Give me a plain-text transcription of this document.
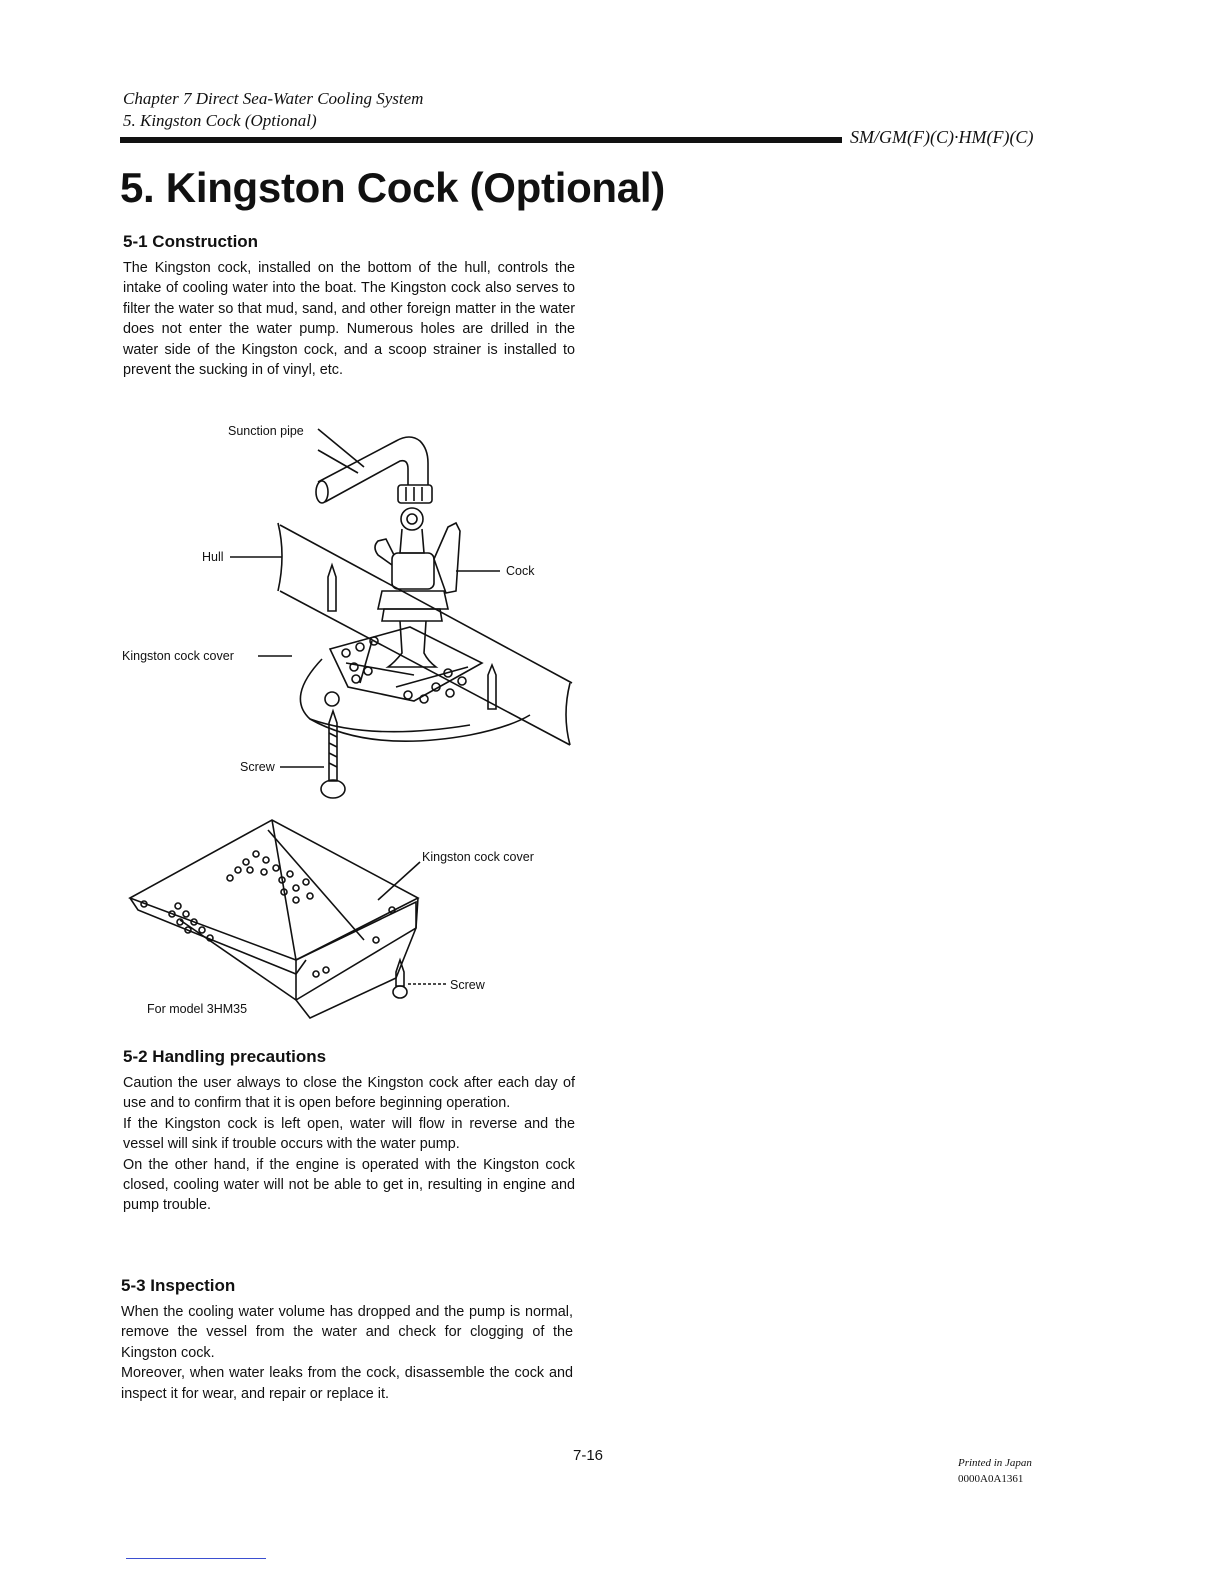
Chapter 7 Direct Sea-Water Cooling System
5. Kingston Cock (Optional)
SM/GM(F)(C)·HM(F)(C)
5. Kingston Cock (Optional)
5-1 Construction

The Kingston cock, installed on the bottom of the hull, controls the intake of cooling water into the boat. The Kingston cock also serves to filter the water so that mud, sand, and other foreign matter in the water does not enter the water pump. Numerous holes are drilled in the water side of the Kingston cock, and a scoop strainer is installed to prevent the sucking in of vinyl, etc.

Sunction pipe
Hull
Cock
Kingston cock cover
Screw
Kingston cock cover
Screw
For model 3HM35
5-2 Handling precautions

Caution the user always to close the Kingston cock after each day of use and to confirm that it is open before beginning operation.

If the Kingston cock is left open, water will flow in reverse and the vessel will sink if trouble occurs with the water pump.

On the other hand, if the engine is operated with the Kingston cock closed, cooling water will not be able to get in, resulting in engine and pump trouble.

5-3 Inspection

When the cooling water volume has dropped and the pump is normal, remove the vessel from the water and check for clogging of the Kingston cock.

Moreover, when water leaks from the cock, disassemble the cock and inspect it for wear, and repair or replace it.

7-16	Printed in Japan
0000A0A1361
